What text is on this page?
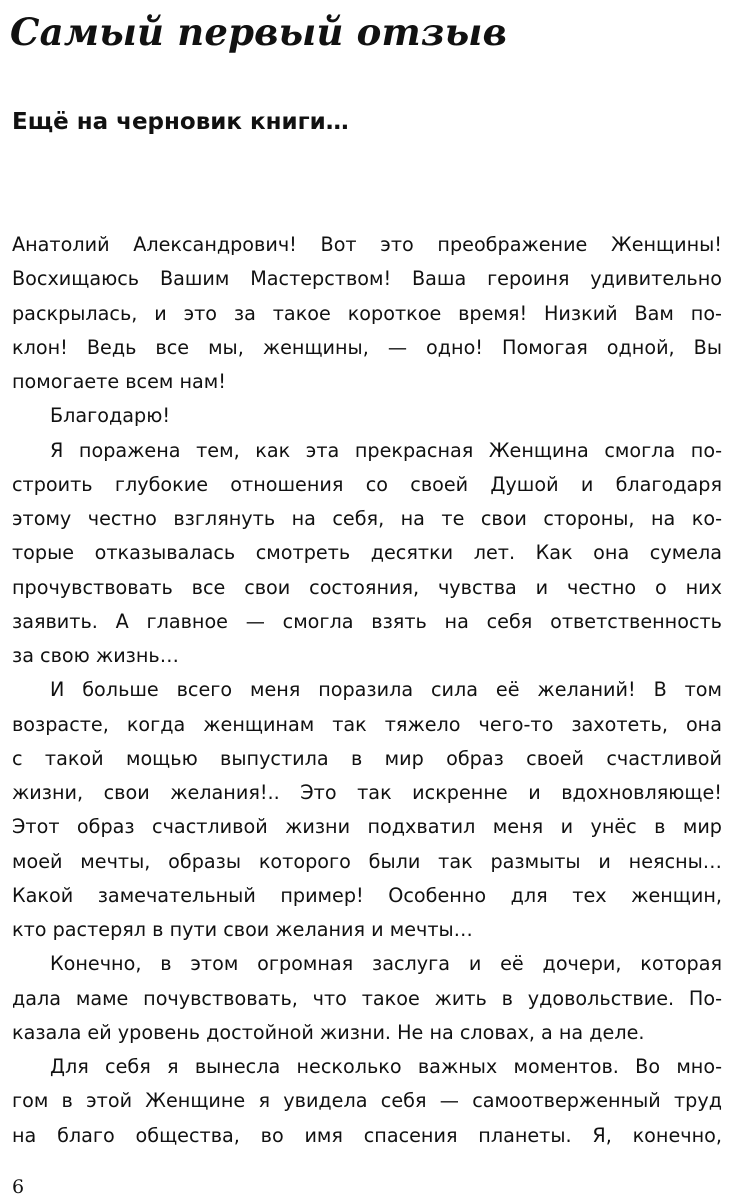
Самый первый отзыв
Ещё на черновик книги…
Анатолий Александрович! Вот это преображение Женщины!
Восхищаюсь Вашим Мастерством! Ваша героиня удивительно
раскрылась, и это за такое короткое время! Низкий Вам по-
клон! Ведь все мы, женщины, — одно! Помогая одной, Вы
помогаете всем нам!
Благодарю!
Я поражена тем, как эта прекрасная Женщина смогла по-
строить глубокие отношения со своей Душой и благодаря
этому честно взглянуть на себя, на те свои стороны, на ко-
торые отказывалась смотреть десятки лет. Как она сумела
прочувствовать все свои состояния, чувства и честно о них
заявить. А главное — смогла взять на себя ответственность
за свою жизнь…
И больше всего меня поразила сила её желаний! В том
возрасте, когда женщинам так тяжело чего-то захотеть, она
с такой мощью выпустила в мир образ своей счастливой
жизни, свои желания!.. Это так искренне и вдохновляюще!
Этот образ счастливой жизни подхватил меня и унёс в мир
моей мечты, образы которого были так размыты и неясны…
Какой замечательный пример! Особенно для тех женщин,
кто растерял в пути свои желания и мечты…
Конечно, в этом огромная заслуга и её дочери, которая
дала маме почувствовать, что такое жить в удовольствие. По-
казала ей уровень достойной жизни. Не на словах, а на деле.
Для себя я вынесла несколько важных моментов. Во мно-
гом в этой Женщине я увидела себя — самоотверженный труд
на благо общества, во имя спасения планеты. Я, конечно,
6
